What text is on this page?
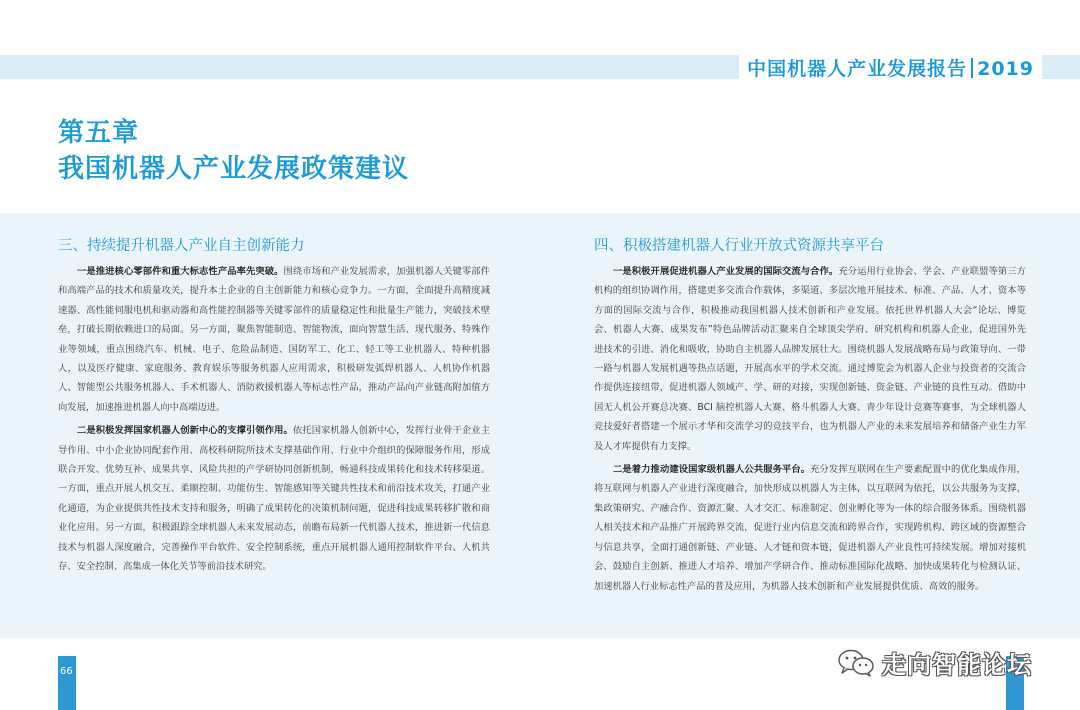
中国机器人产业发展报告 2019
第五章
我国机器人产业发展政策建议
三、持续提升机器人产业自主创新能力

一是推进核心零部件和重大标志性产品率先突破。围绕市场和产业发展需求，加强机器人关键零部件和高端产品的技术和质量攻关，提升本土企业的自主创新能力和核心竞争力。一方面，全面提升高精度减速器、高性能伺服电机和驱动器和高性能控制器等关键零部件的质量稳定性和批量生产能力，突破技术壁垒，打破长期依赖进口的局面。另一方面，聚焦智能制造、智能物流，面向智慧生活、现代服务、特殊作业等领域，重点围绕汽车、机械、电子、危险品制造、国防军工、化工、轻工等工业机器人、特种机器人，以及医疗健康、家庭服务、教育娱乐等服务机器人应用需求，积极研发弧焊机器人、人机协作机器人、智能型公共服务机器人、手术机器人、消防救援机器人等标志性产品，推动产品向产业链高附加值方向发展，加速推进机器人向中高端迈进。

二是积极发挥国家机器人创新中心的支撑引领作用。依托国家机器人创新中心，发挥行业骨干企业主导作用、中小企业协同配套作用、高校科研院所技术支撑基础作用、行业中介组织的保障服务作用，形成联合开发、优势互补、成果共享、风险共担的产学研协同创新机制，畅通科技成果转化和技术转移渠道。一方面，重点开展人机交互、柔顺控制、功能仿生、智能感知等关键共性技术和前沿技术攻关，打通产业化通道，为企业提供共性技术支持和服务，明确了成果转化的决策机制问题，促进科技成果转移扩散和商业化应用。另一方面，积极跟踪全球机器人未来发展动态，前瞻布局新一代机器人技术，推进新一代信息技术与机器人深度融合，完善操作平台软件、安全控制系统，重点开展机器人通用控制软件平台、人机共存、安全控制、高集成一体化关节等前沿技术研究。

四、积极搭建机器人行业开放式资源共享平台

一是积极开展促进机器人产业发展的国际交流与合作。充分运用行业协会、学会、产业联盟等第三方机构的组织协调作用，搭建更多交流合作载体，多渠道、多层次地开展技术、标准、产品、人才、资本等方面的国际交流与合作，积极推动我国机器人技术创新和产业发展。依托世界机器人大会“论坛、博览会、机器人大赛、成果发布”特色品牌活动汇聚来自全球顶尖学府、研究机构和机器人企业，促进国外先进技术的引进、消化和吸收，协助自主机器人品牌发展壮大。围绕机器人发展战略布局与政策导向、一带一路与机器人发展机遇等热点话题，开展高水平的学术交流。通过博览会为机器人企业与投资者的交流合作提供连接纽带，促进机器人领域产、学、研的对接，实现创新链、资金链、产业链的良性互动。借助中国无人机公开赛总决赛、BCI 脑控机器人大赛、格斗机器人大赛、青少年设计竞赛等赛事，为全球机器人竞技爱好者搭建一个展示才华和交流学习的竞技平台，也为机器人产业的未来发展培养和储备产业生力军及人才库提供有力支撑。

二是着力推动建设国家级机器人公共服务平台。充分发挥互联网在生产要素配置中的优化集成作用，将互联网与机器人产业进行深度融合，加快形成以机器人为主体，以互联网为依托，以公共服务为支撑，集政策研究、产融合作、资源汇聚、人才交汇、标准制定、创业孵化等为一体的综合服务体系。围绕机器人相关技术和产品推广开展跨界交流，促进行业内信息交流和跨界合作，实现跨机构、跨区域的资源整合与信息共享，全面打通创新链、产业链、人才链和资本链，促进机器人产业良性可持续发展。增加对接机会、鼓励自主创新、推进人才培养、增加产学研合作、推动标准国际化战略、加快成果转化与检测认证、加速机器人行业标志性产品的普及应用，为机器人技术创新和产业发展提供优质、高效的服务。

66	走向智能论坛
